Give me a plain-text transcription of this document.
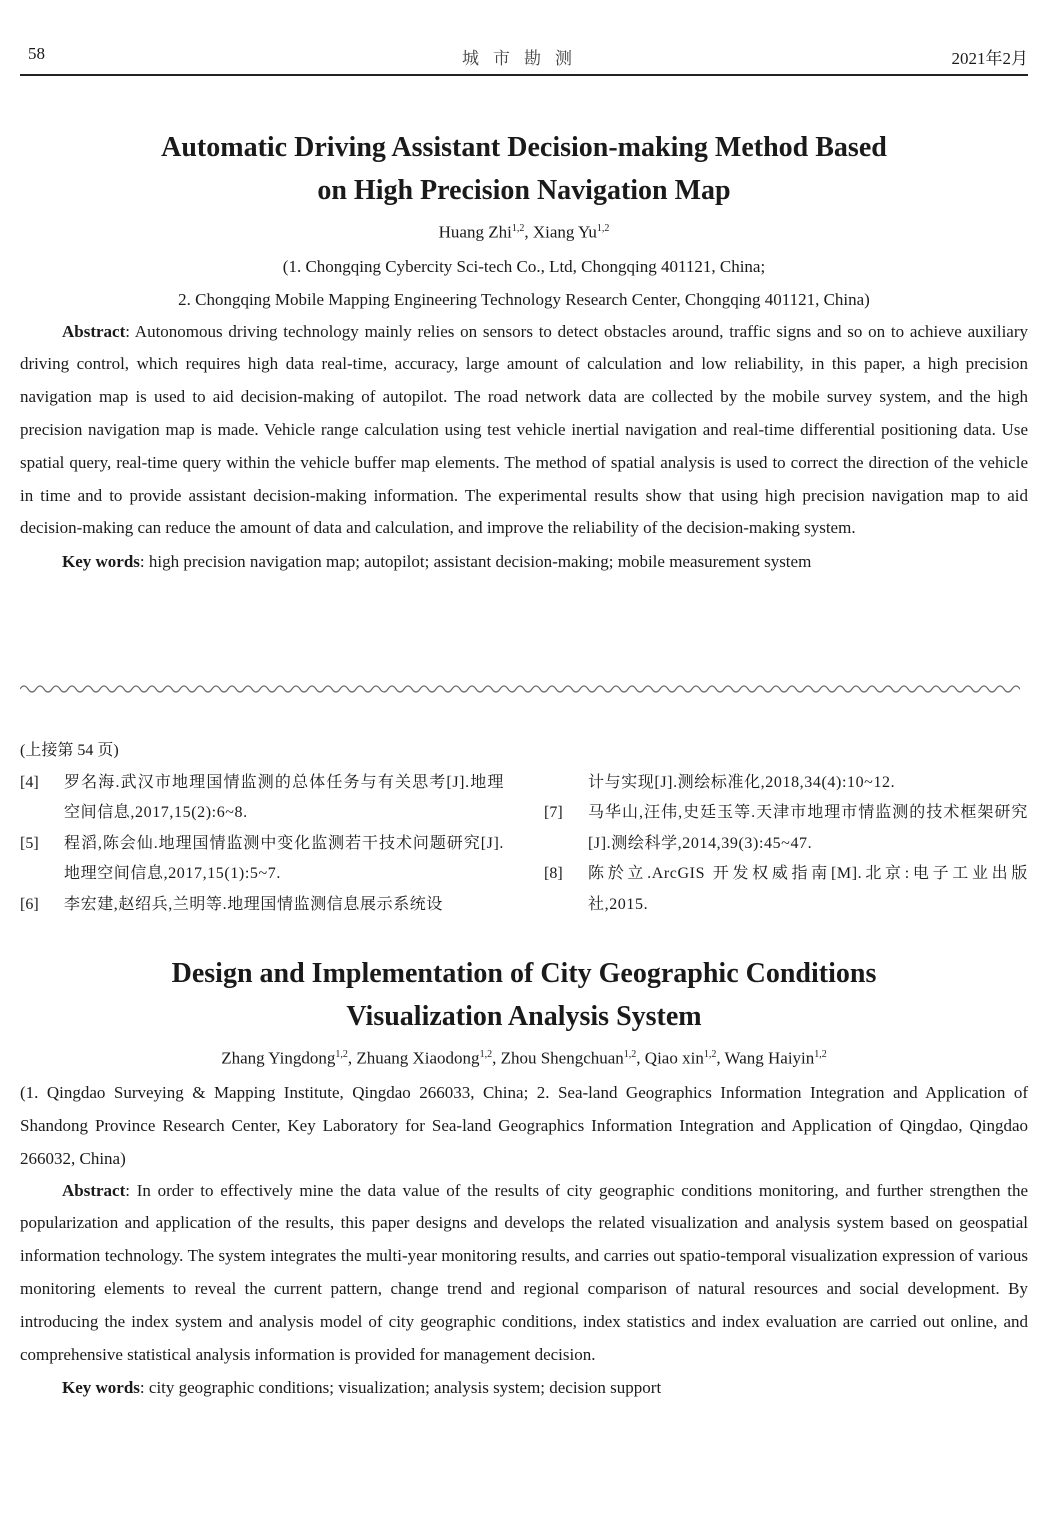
58	城市勘测	2021年2月
Automatic Driving Assistant Decision-making Method Based
on High Precision Navigation Map
Huang Zhi$^{1,2}$, Xiang Yu$^{1,2}$
(1. Chongqing Cybercity Sci-tech Co., Ltd, Chongqing 401121, China;
2. Chongqing Mobile Mapping Engineering Technology Research Center, Chongqing 401121, China)

Abstract: Autonomous driving technology mainly relies on sensors to detect obstacles around, traffic signs and so on to achieve auxiliary driving control, which requires high data real-time, accuracy, large amount of calculation and low reliability, in this paper, a high precision navigation map is used to aid decision-making of autopilot. The road network data are collected by the mobile survey system, and the high precision navigation map is made. Vehicle range calculation using test vehicle inertial navigation and real-time differential positioning data. Use spatial query, real-time query within the vehicle buffer map elements. The method of spatial analysis is used to correct the direction of the vehicle in time and to provide assistant decision-making information. The experimental results show that using high precision navigation map to aid decision-making can reduce the amount of data and calculation, and improve the reliability of the decision-making system.

Key words: high precision navigation map; autopilot; assistant decision-making; mobile measurement system

(上接第 54 页)
[4]	罗名海.武汉市地理国情监测的总体任务与有关思考[J].地理空间信息,2017,15(2):6~8.
[5]	程滔,陈会仙.地理国情监测中变化监测若干技术问题研究[J].地理空间信息,2017,15(1):5~7.
[6]	李宏建,赵绍兵,兰明等.地理国情监测信息展示系统设
计与实现[J].测绘标准化,2018,34(4):10~12.
[7]	马华山,汪伟,史廷玉等.天津市地理市情监测的技术框架研究[J].测绘科学,2014,39(3):45~47.
[8]	陈於立.ArcGIS 开发权威指南[M].北京:电子工业出版社,2015.
Design and Implementation of City Geographic Conditions
Visualization Analysis System
Zhang Yingdong$^{1,2}$, Zhuang Xiaodong$^{1,2}$, Zhou Shengchuan$^{1,2}$, Qiao xin$^{1,2}$, Wang Haiyin$^{1,2}$
(1. Qingdao Surveying & Mapping Institute, Qingdao 266033, China; 2. Sea-land Geographics Information Integration and Application of Shandong Province Research Center, Key Laboratory for Sea-land Geographics Information Integration and Application of Qingdao, Qingdao 266032, China)

Abstract: In order to effectively mine the data value of the results of city geographic conditions monitoring, and further strengthen the popularization and application of the results, this paper designs and develops the related visualization and analysis system based on geospatial information technology. The system integrates the multi-year monitoring results, and carries out spatio-temporal visualization expression of various monitoring elements to reveal the current pattern, change trend and regional comparison of natural resources and social development. By introducing the index system and analysis model of city geographic conditions, index statistics and index evaluation are carried out online, and comprehensive statistical analysis information is provided for management decision.

Key words: city geographic conditions; visualization; analysis system; decision support
